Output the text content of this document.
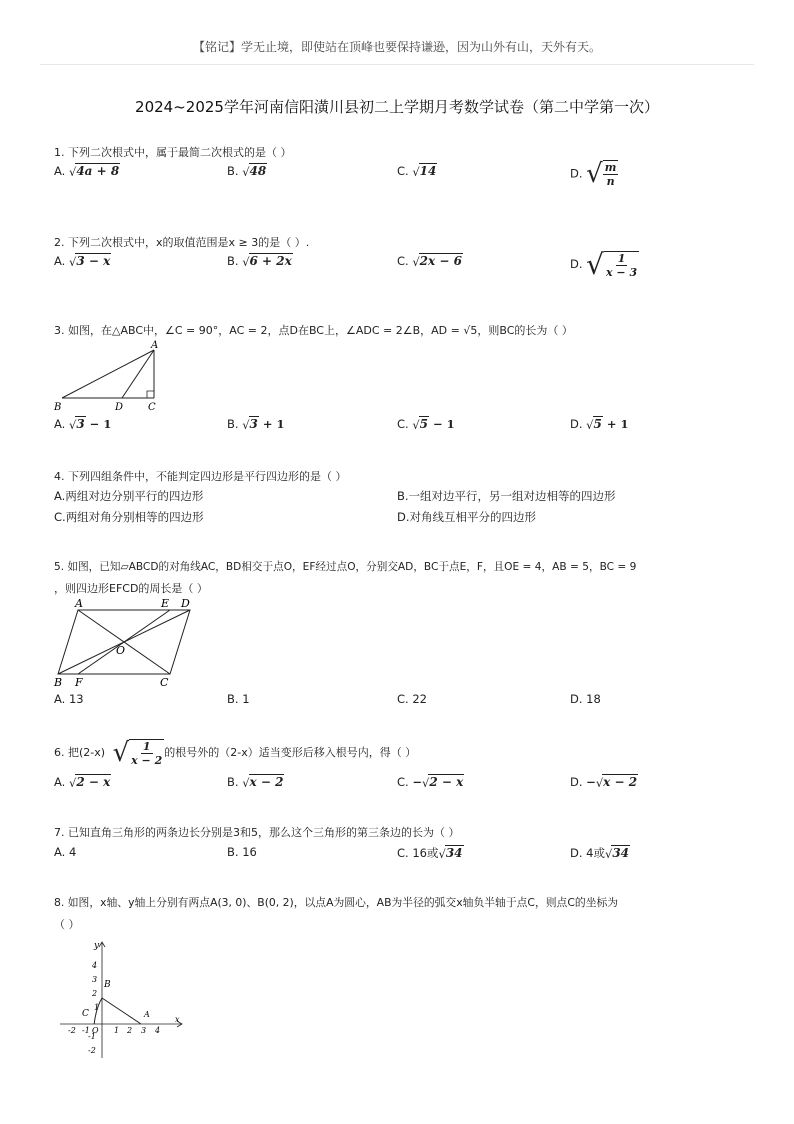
【铭记】学无止境，即使站在顶峰也要保持谦逊，因为山外有山，天外有天。
2024~2025学年河南信阳潢川县初二上学期月考数学试卷（第二中学第一次）
1. 下列二次根式中，属于最简二次根式的是（ ）
A. √4a + 8	B. √48	C. √14	D. √ $\frac{m}{n}$
2. 下列二次根式中，x的取值范围是x ≥ 3的是（ ）.
A. √3 − x	B. √6 + 2x	C. √2x − 6	D. √ $\frac{1}{x - 3}$
3. 如图，在△ABC中，∠C = 90°，AC = 2，点D在BC上，∠ADC = 2∠B，AD = √5，则BC的长为（ ）
A
B	D C
A. √3 − 1	B. √3 + 1	C. √5 − 1	D. √5 + 1
4. 下列四组条件中，不能判定四边形是平行四边形的是（ ）
A.两组对边分别平行的四边形	B.一组对边平行，另一组对边相等的四边形
C.两组对角分别相等的四边形	D.对角线互相平分的四边形
5. 如图，已知▱ABCD的对角线AC，BD相交于点O，EF经过点O，分别交AD，BC于点E，F，且OE = 4，AB = 5，BC = 9
，则四边形EFCD的周长是（ ）
A	E D
O
B F	C
A. 13	B. 1	C. 22	D. 18
6. 把(2-x) √ $\frac{1}{x - 2}$ 的根号外的（2-x）适当变形后移入根号内，得（ ）
A. √2 − x	B. √x − 2	C. −√2 − x	D. −√x − 2
7. 已知直角三角形的两条边长分别是3和5，那么这个三角形的第三条边的长为（ ）
A. 4	B. 16	C. 16或√34	D. 4或√34
8. 如图，x轴、y轴上分别有两点A(3, 0)、B(0, 2)，以点A为圆心，AB为半径的弧交x轴负半轴于点C，则点C的坐标为
（ ）
y
x
4
3
2
1
-1
-2
-2 -1	1 2 3 4
B
A
C
O
